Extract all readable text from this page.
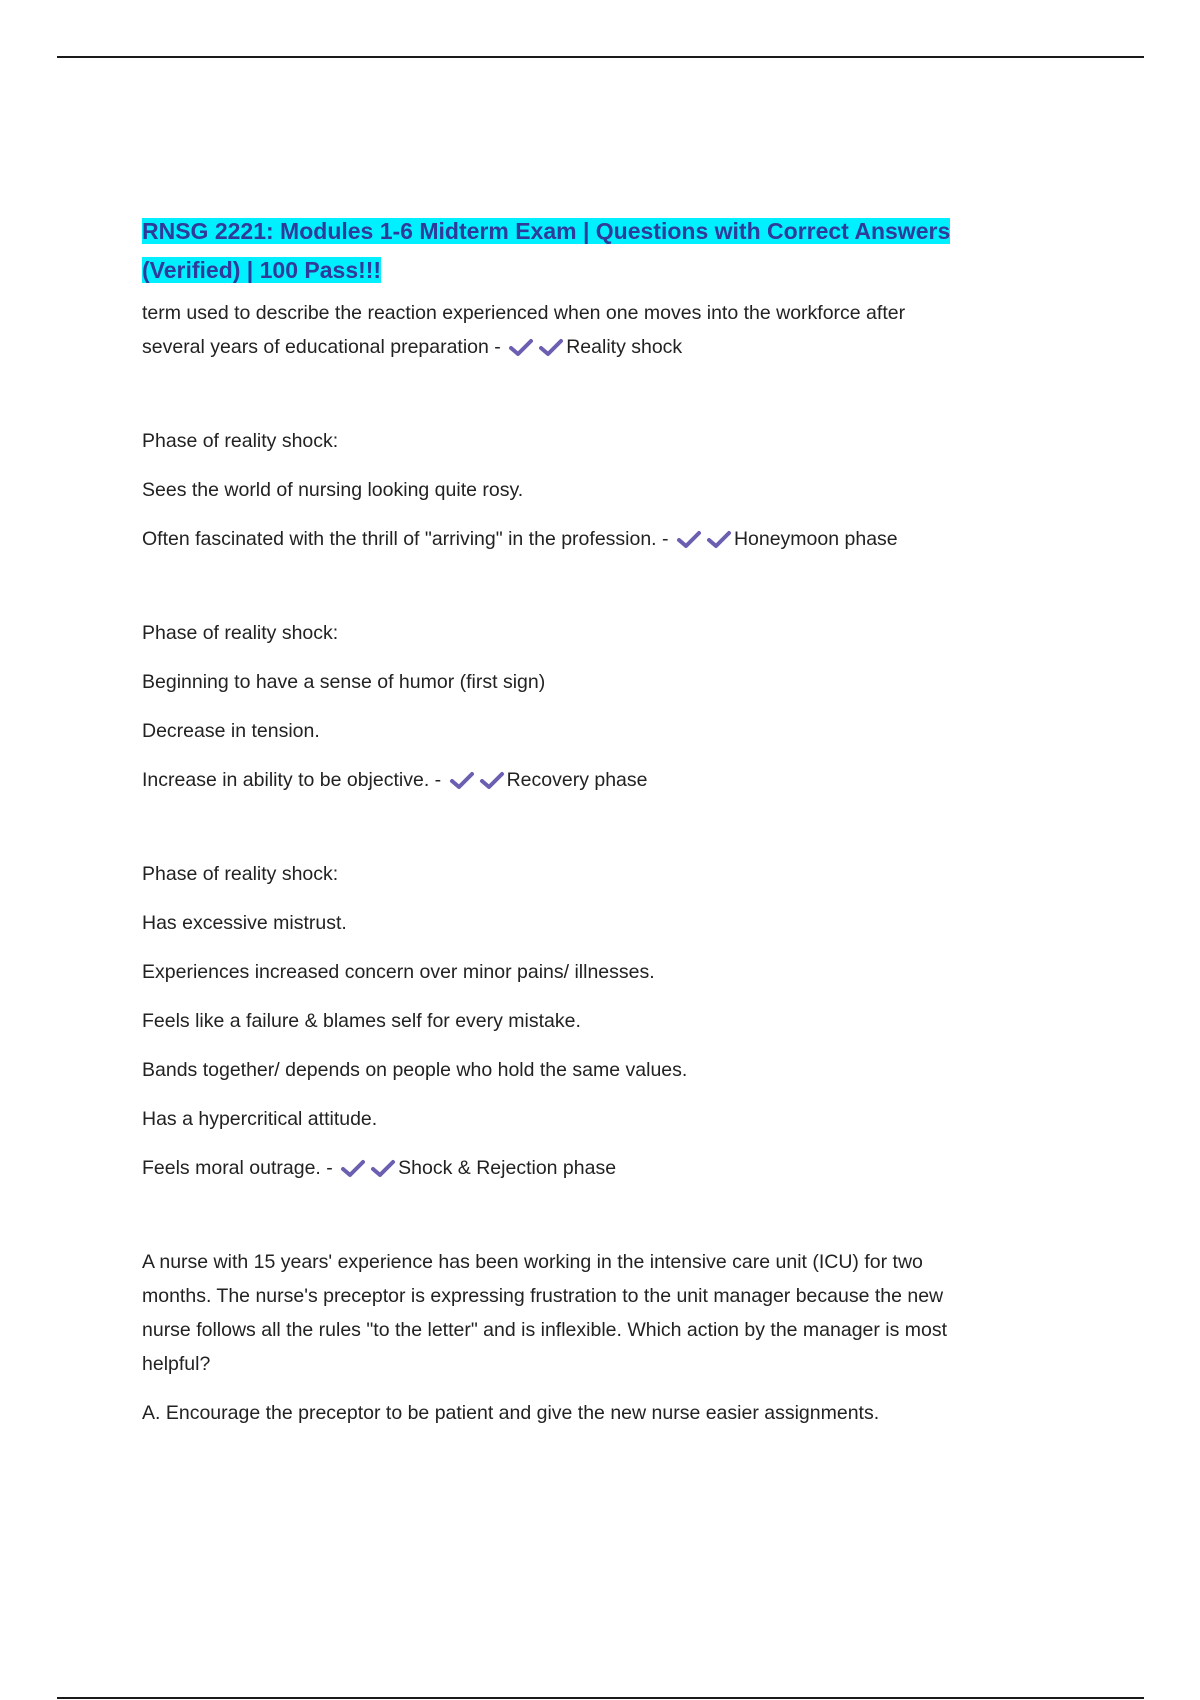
RNSG 2221: Modules 1-6 Midterm Exam | Questions with Correct Answers
(Verified) | 100 Pass!!!

term used to describe the reaction experienced when one moves into the workforce after

several years of educational preparation -	Reality shock

Phase of reality shock:

Sees the world of nursing looking quite rosy.

Often fascinated with the thrill of "arriving" in the profession. -	Honeymoon phase

Phase of reality shock:

Beginning to have a sense of humor (first sign)

Decrease in tension.

Increase in ability to be objective. -	Recovery phase

Phase of reality shock:

Has excessive mistrust.

Experiences increased concern over minor pains/ illnesses.

Feels like a failure & blames self for every mistake.

Bands together/ depends on people who hold the same values.

Has a hypercritical attitude.

Feels moral outrage. -	Shock & Rejection phase

A nurse with 15 years' experience has been working in the intensive care unit (ICU) for two
months. The nurse's preceptor is expressing frustration to the unit manager because the new
nurse follows all the rules "to the letter" and is inflexible. Which action by the manager is most
helpful?

A. Encourage the preceptor to be patient and give the new nurse easier assignments.
